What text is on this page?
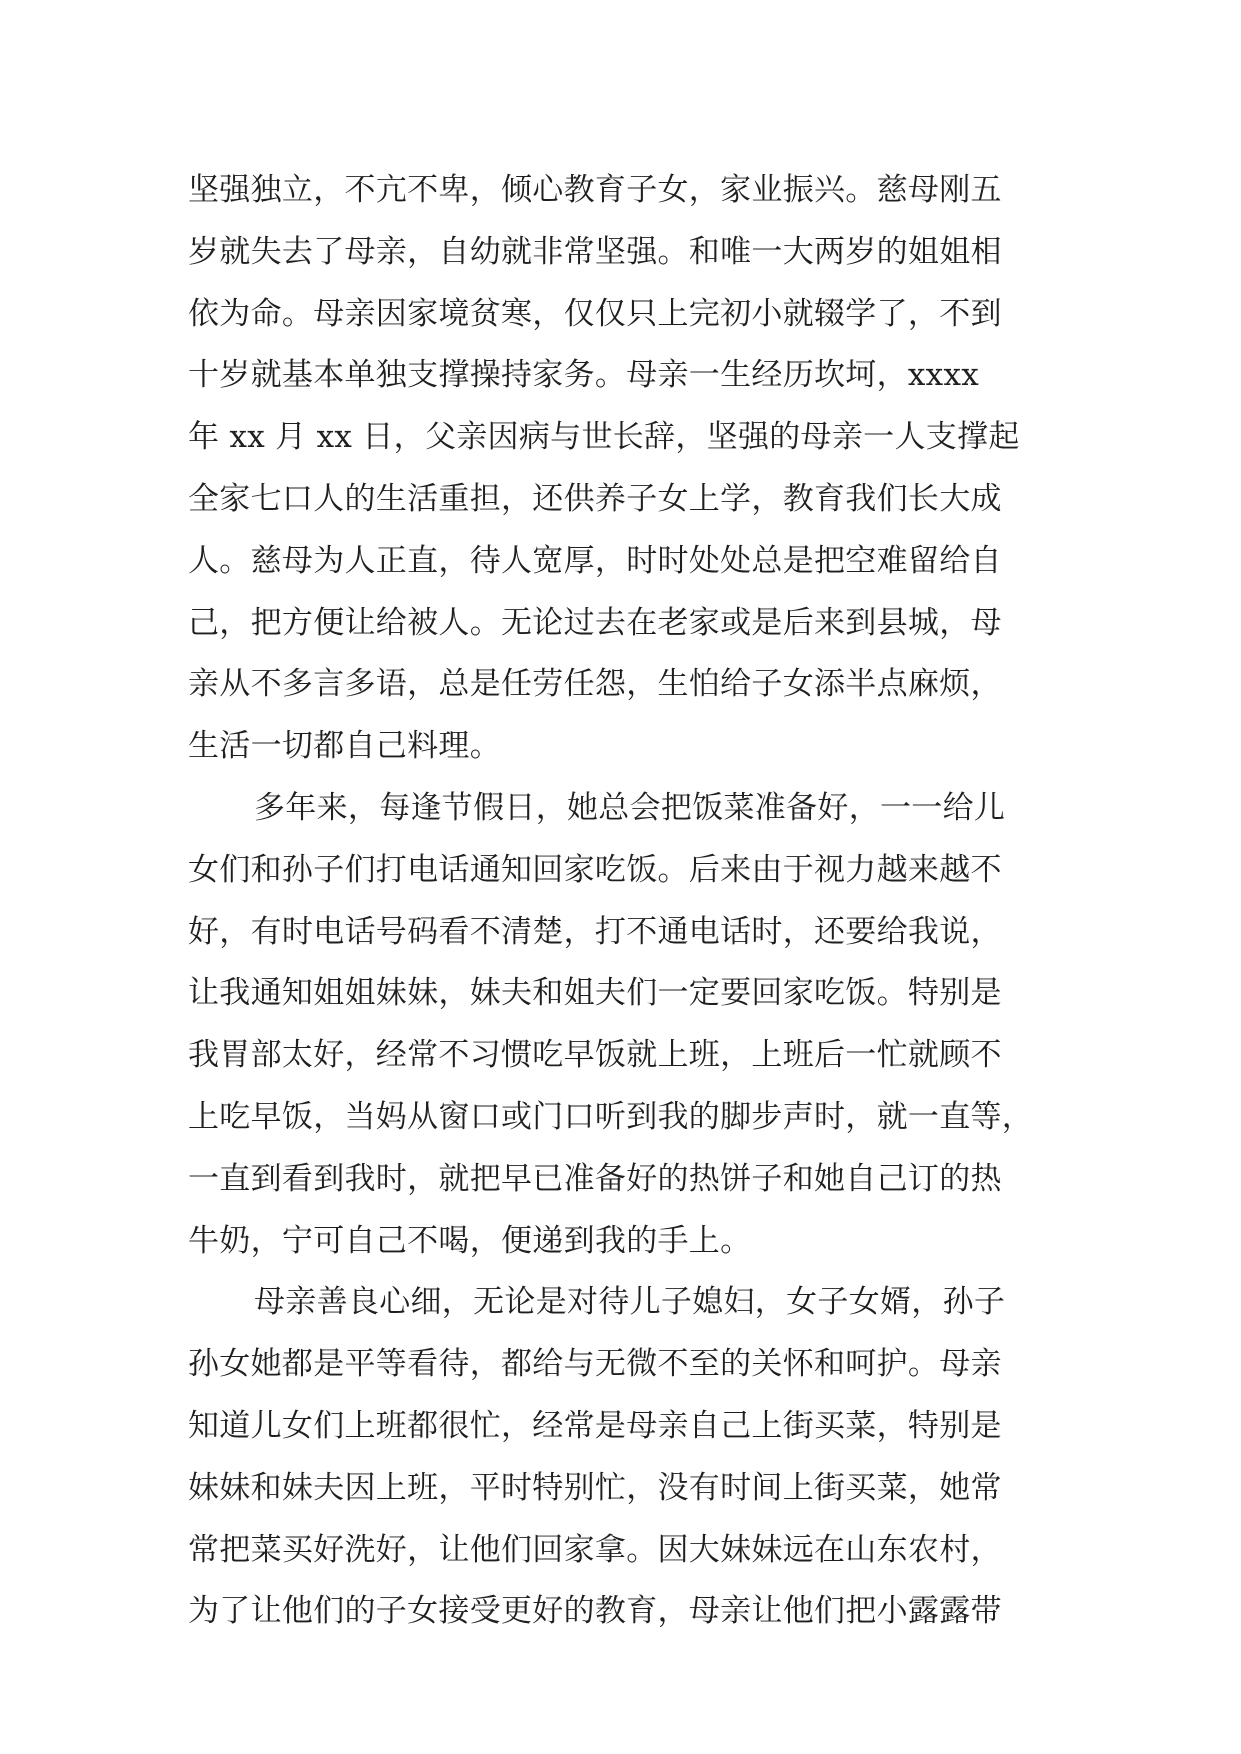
坚强独立，不亢不卑，倾心教育子女，家业振兴。慈母刚五
岁就失去了母亲，自幼就非常坚强。和唯一大两岁的姐姐相
依为命。母亲因家境贫寒，仅仅只上完初小就辍学了，不到
十岁就基本单独支撑操持家务。母亲一生经历坎坷，xxxx
年 xx 月 xx 日，父亲因病与世长辞，坚强的母亲一人支撑起
全家七口人的生活重担，还供养子女上学，教育我们长大成
人。慈母为人正直，待人宽厚，时时处处总是把空难留给自
己，把方便让给被人。无论过去在老家或是后来到县城，母
亲从不多言多语，总是任劳任怨，生怕给子女添半点麻烦，
生活一切都自己料理。
多年来，每逢节假日，她总会把饭菜准备好，一一给儿
女们和孙子们打电话通知回家吃饭。后来由于视力越来越不
好，有时电话号码看不清楚，打不通电话时，还要给我说，
让我通知姐姐妹妹，妹夫和姐夫们一定要回家吃饭。特别是
我胃部太好，经常不习惯吃早饭就上班，上班后一忙就顾不
上吃早饭，当妈从窗口或门口听到我的脚步声时，就一直等，
一直到看到我时，就把早已准备好的热饼子和她自己订的热
牛奶，宁可自己不喝，便递到我的手上。
母亲善良心细，无论是对待儿子媳妇，女子女婿，孙子
孙女她都是平等看待，都给与无微不至的关怀和呵护。母亲
知道儿女们上班都很忙，经常是母亲自己上街买菜，特别是
妹妹和妹夫因上班，平时特别忙，没有时间上街买菜，她常
常把菜买好洗好，让他们回家拿。因大妹妹远在山东农村，
为了让他们的子女接受更好的教育，母亲让他们把小露露带
